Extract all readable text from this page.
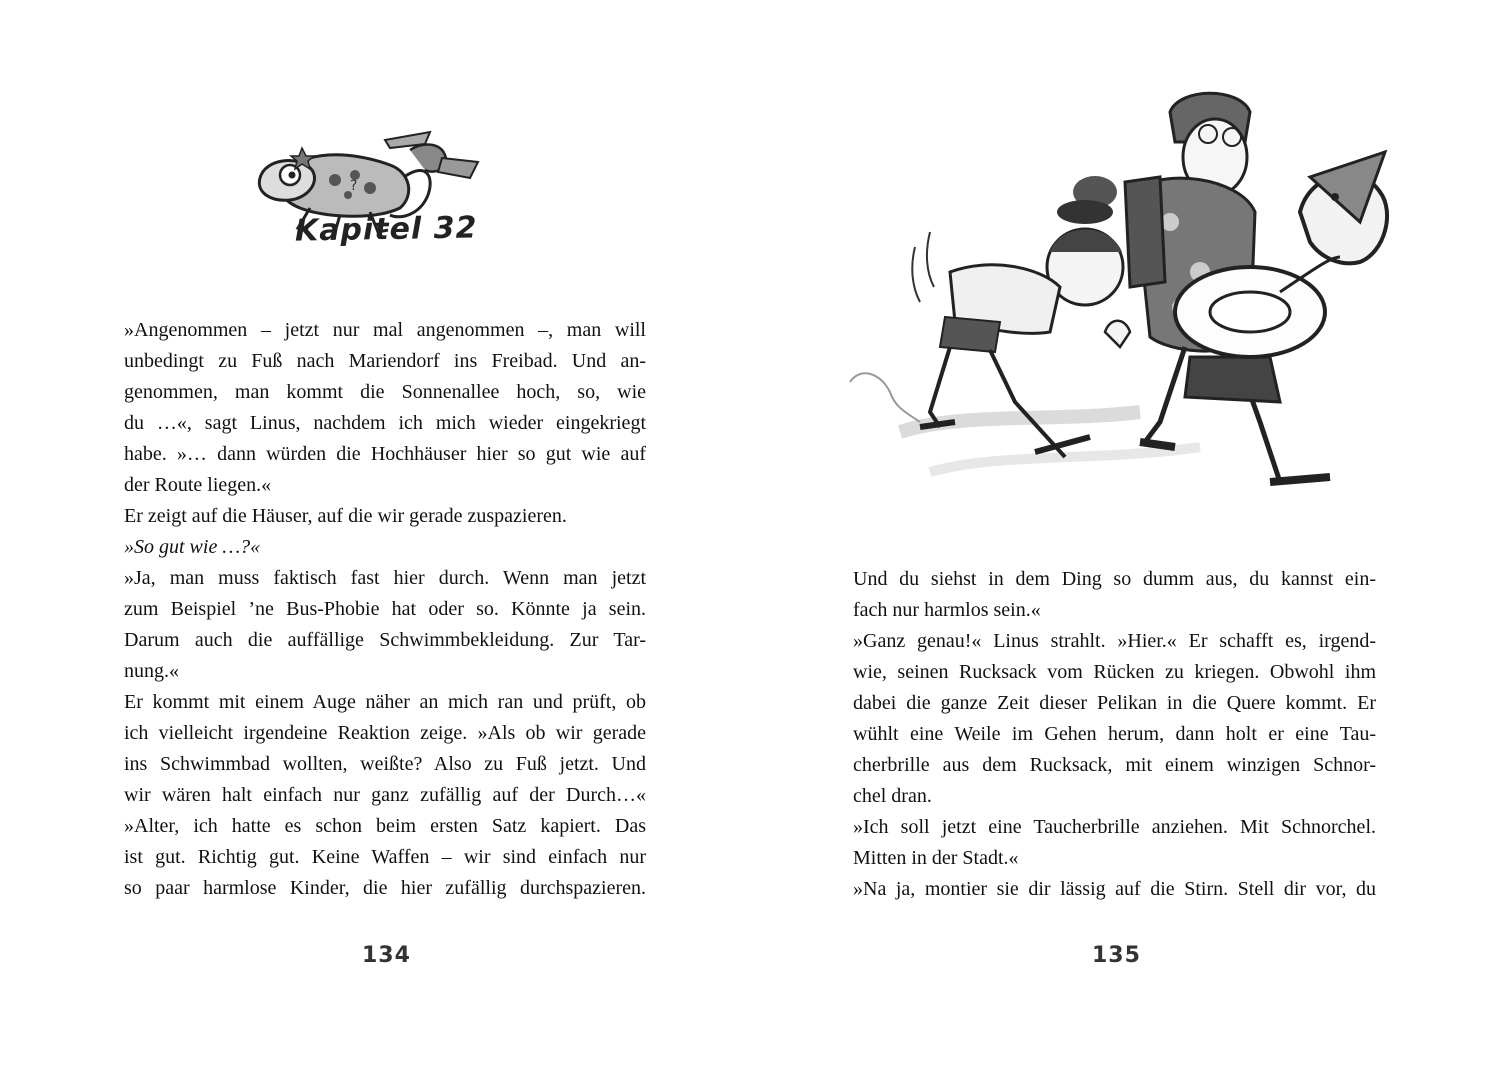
?
Kapitel 32
»Angenommen – jetzt nur mal angenommen –, man will
unbedingt zu Fuß nach Mariendorf ins Freibad. Und an-
genommen, man kommt die Sonnenallee hoch, so, wie
du …«, sagt Linus, nachdem ich mich wieder eingekriegt
habe. »… dann würden die Hochhäuser hier so gut wie auf
der Route liegen.«
Er zeigt auf die Häuser, auf die wir gerade zuspazieren.
»So gut wie …?«
»Ja, man muss faktisch fast hier durch. Wenn man jetzt
zum Beispiel ’ne Bus-Phobie hat oder so. Könnte ja sein.
Darum auch die auffällige Schwimmbekleidung. Zur Tar-
nung.«
Er kommt mit einem Auge näher an mich ran und prüft, ob
ich vielleicht irgendeine Reaktion zeige. »Als ob wir gerade
ins Schwimmbad wollten, weißte? Also zu Fuß jetzt. Und
wir wären halt einfach nur ganz zufällig auf der Durch…«
»Alter, ich hatte es schon beim ersten Satz kapiert. Das
ist gut. Richtig gut. Keine Waffen – wir sind einfach nur
so paar harmlose Kinder, die hier zufällig durchspazieren.
134
Und du siehst in dem Ding so dumm aus, du kannst ein-
fach nur harmlos sein.«
»Ganz genau!« Linus strahlt. »Hier.« Er schafft es, irgend-
wie, seinen Rucksack vom Rücken zu kriegen. Obwohl ihm
dabei die ganze Zeit dieser Pelikan in die Quere kommt. Er
wühlt eine Weile im Gehen herum, dann holt er eine Tau-
cherbrille aus dem Rucksack, mit einem winzigen Schnor-
chel dran.
»Ich soll jetzt eine Taucherbrille anziehen. Mit Schnorchel.
Mitten in der Stadt.«
»Na ja, montier sie dir lässig auf die Stirn. Stell dir vor, du
135
